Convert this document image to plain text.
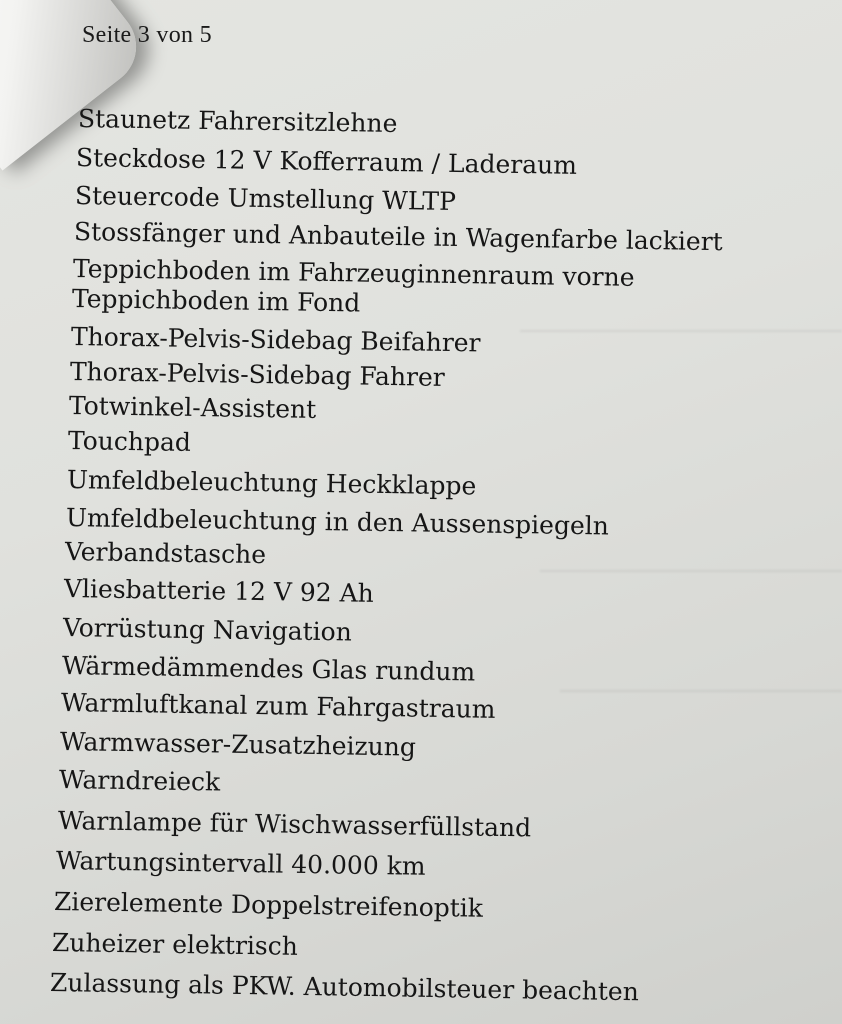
Seite 3 von 5
Staunetz Fahrersitzlehne
Steckdose 12 V Kofferraum / Laderaum
Steuercode Umstellung WLTP
Stossfänger und Anbauteile in Wagenfarbe lackiert
Teppichboden im Fahrzeuginnenraum vorne
Teppichboden im Fond
Thorax-Pelvis-Sidebag Beifahrer
Thorax-Pelvis-Sidebag Fahrer
Totwinkel-Assistent
Touchpad
Umfeldbeleuchtung Heckklappe
Umfeldbeleuchtung in den Aussenspiegeln
Verbandstasche
Vliesbatterie 12 V 92 Ah
Vorrüstung Navigation
Wärmedämmendes Glas rundum
Warmluftkanal zum Fahrgastraum
Warmwasser-Zusatzheizung
Warndreieck
Warnlampe für Wischwasserfüllstand
Wartungsintervall 40.000 km
Zierelemente Doppelstreifenoptik
Zuheizer elektrisch
Zulassung als PKW. Automobilsteuer beachten
